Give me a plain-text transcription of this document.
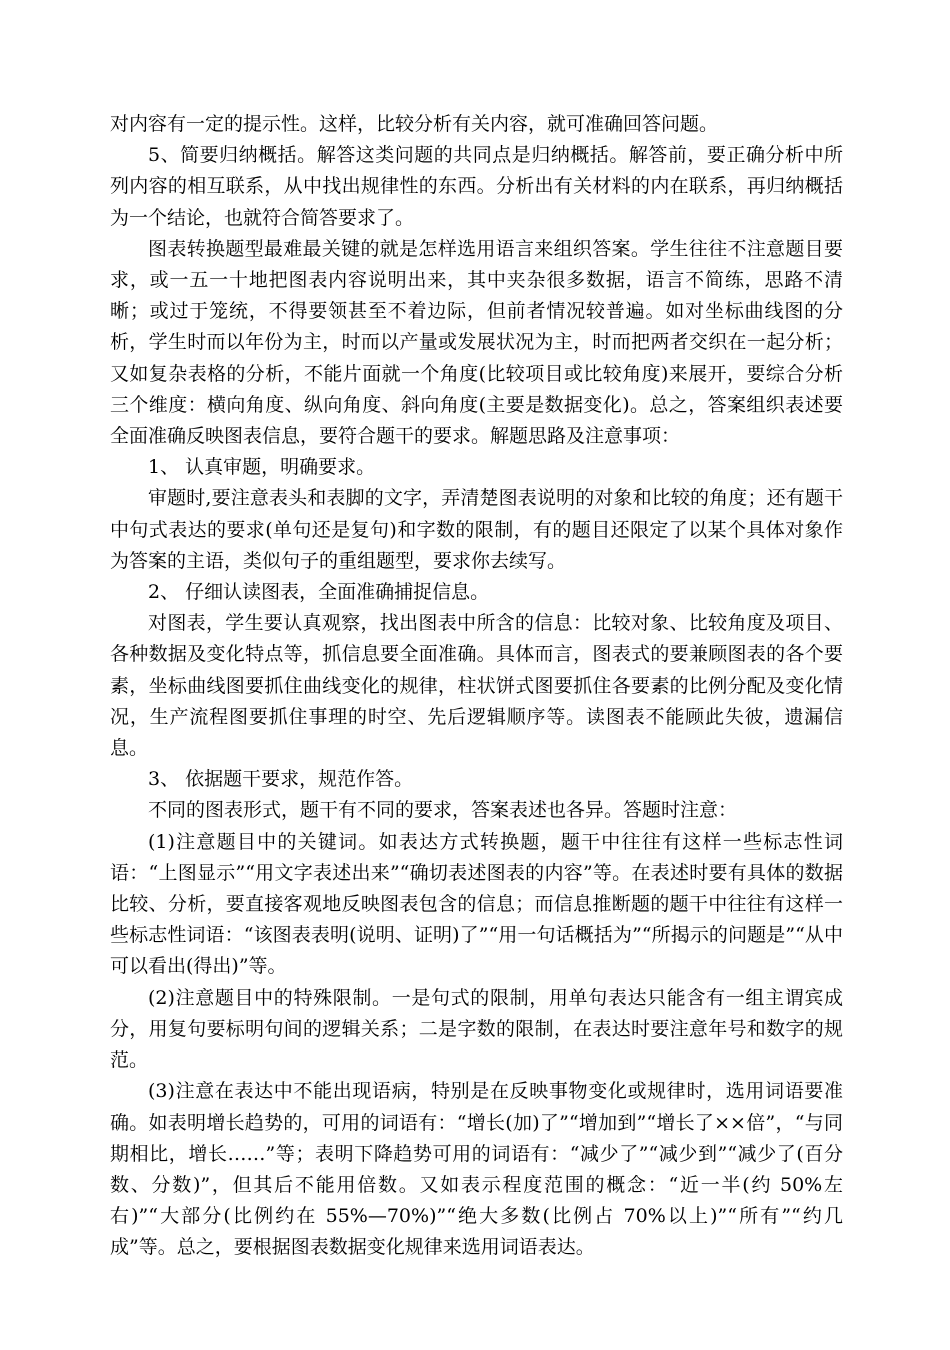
对内容有一定的提示性。这样，比较分析有关内容，就可准确回答问题。

5、简要归纳概括。解答这类问题的共同点是归纳概括。解答前，要正确分析中所列内容的相互联系，从中找出规律性的东西。分析出有关材料的内在联系，再归纳概括为一个结论，也就符合简答要求了。

图表转换题型最难最关键的就是怎样选用语言来组织答案。学生往往不注意题目要求，或一五一十地把图表内容说明出来，其中夹杂很多数据，语言不简练，思路不清晰；或过于笼统，不得要领甚至不着边际，但前者情况较普遍。如对坐标曲线图的分析，学生时而以年份为主，时而以产量或发展状况为主，时而把两者交织在一起分析；又如复杂表格的分析，不能片面就一个角度(比较项目或比较角度)来展开，要综合分析三个维度：横向角度、纵向角度、斜向角度(主要是数据变化)。总之，答案组织表述要全面准确反映图表信息，要符合题干的要求。解题思路及注意事项：

1、 认真审题，明确要求。

审题时,要注意表头和表脚的文字，弄清楚图表说明的对象和比较的角度；还有题干中句式表达的要求(单句还是复句)和字数的限制，有的题目还限定了以某个具体对象作为答案的主语，类似句子的重组题型，要求你去续写。

2、 仔细认读图表，全面准确捕捉信息。

对图表，学生要认真观察，找出图表中所含的信息：比较对象、比较角度及项目、各种数据及变化特点等，抓信息要全面准确。具体而言，图表式的要兼顾图表的各个要素，坐标曲线图要抓住曲线变化的规律，柱状饼式图要抓住各要素的比例分配及变化情况，生产流程图要抓住事理的时空、先后逻辑顺序等。读图表不能顾此失彼，遗漏信息。

3、 依据题干要求，规范作答。

不同的图表形式，题干有不同的要求，答案表述也各异。答题时注意：

(1)注意题目中的关键词。如表达方式转换题，题干中往往有这样一些标志性词语：“上图显示”“用文字表述出来”“确切表述图表的内容”等。在表述时要有具体的数据比较、分析，要直接客观地反映图表包含的信息；而信息推断题的题干中往往有这样一些标志性词语：“该图表表明(说明、证明)了”“用一句话概括为”“所揭示的问题是”“从中可以看出(得出)”等。

(2)注意题目中的特殊限制。一是句式的限制，用单句表达只能含有一组主谓宾成分，用复句要标明句间的逻辑关系；二是字数的限制，在表达时要注意年号和数字的规范。

(3)注意在表达中不能出现语病，特别是在反映事物变化或规律时，选用词语要准确。如表明增长趋势的，可用的词语有：“增长(加)了”“增加到”“增长了××倍”，“与同期相比，增长……”等；表明下降趋势可用的词语有：“减少了”“减少到”“减少了(百分数、分数)”，但其后不能用倍数。又如表示程度范围的概念：“近一半(约 50%左右)”“大部分(比例约在 55%—70%)”“绝大多数(比例占 70%以上)”“所有”“约几成”等。总之，要根据图表数据变化规律来选用词语表达。
